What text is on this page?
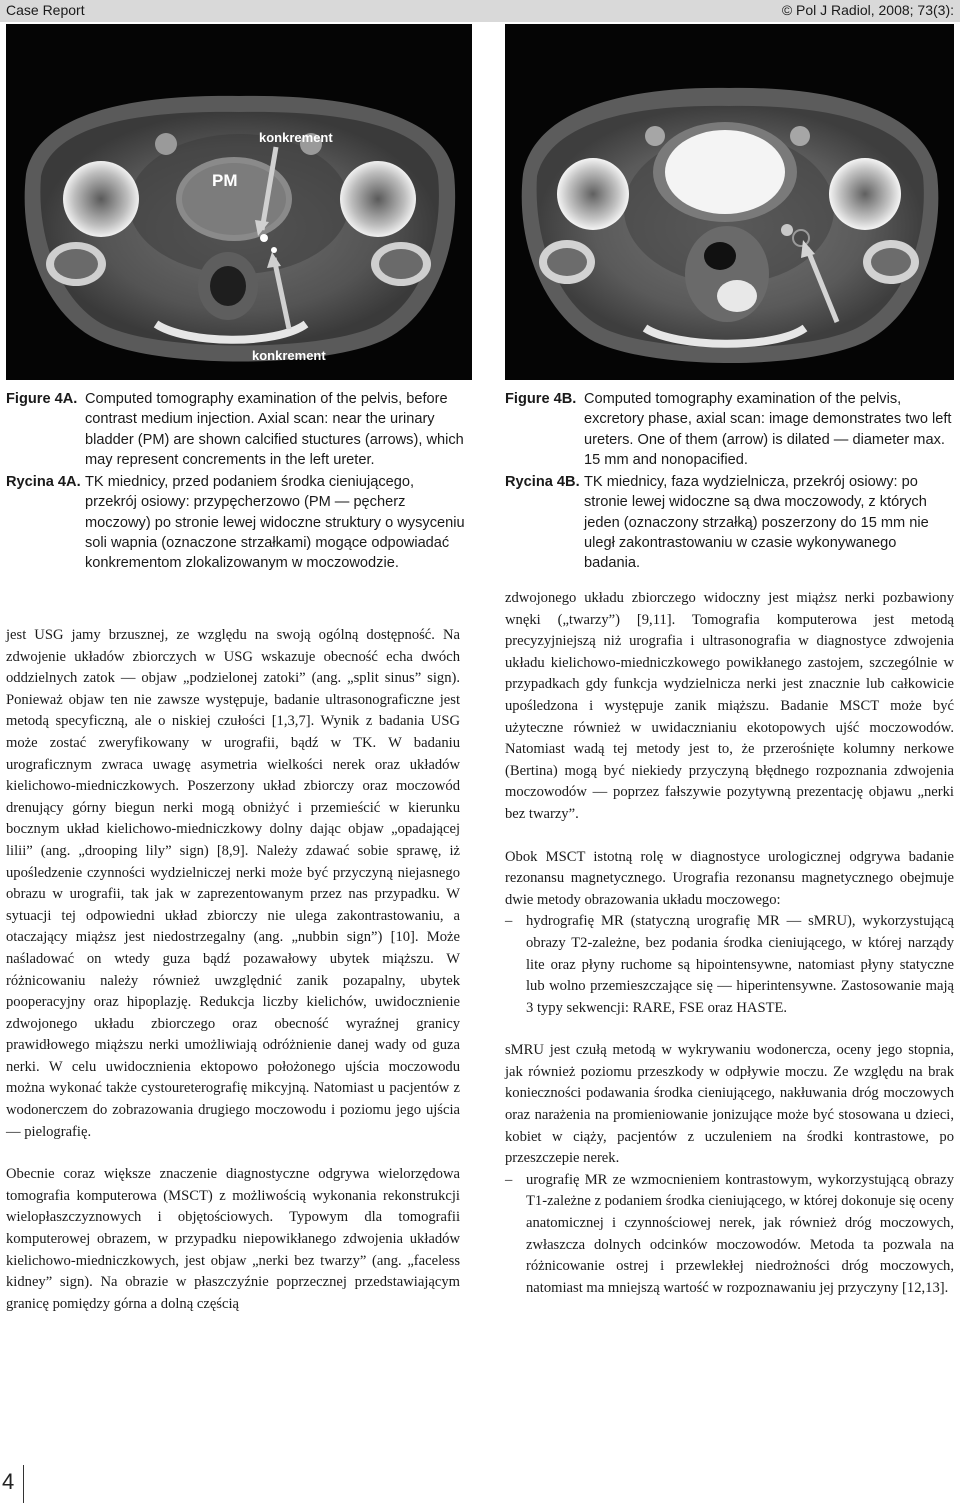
Case Report	© Pol J Radiol, 2008; 73(3):
konkrement
PM
konkrement
Figure 4A. Computed tomography examination of the pelvis, before contrast medium injection. Axial scan: near the urinary bladder (PM) are shown calcified stuctures (arrows), which may represent concrements in the left ureter.
Rycina 4A. TK miednicy, przed podaniem środka cieniującego, przekrój osiowy: przypęcherzowo (PM — pęcherz moczowy) po stronie lewej widoczne struktury o wysyceniu soli wapnia (oznaczone strzałkami) mogące odpowiadać konkrementom zlokalizowanym w moczowodzie.
Figure 4B. Computed tomography examination of the pelvis, excretory phase, axial scan: image demonstrates two left ureters. One of them (arrow) is dilated — diameter max. 15 mm and nonopacified.
Rycina 4B. TK miednicy, faza wydzielnicza, przekrój osiowy: po stronie lewej widoczne są dwa moczowody, z których jeden (oznaczony strzałką) poszerzony do 15 mm nie uległ zakontrastowaniu w czasie wykonywanego badania.

jest USG jamy brzusznej, ze względu na swoją ogólną dostępność. Na zdwojenie układów zbiorczych w USG wskazuje obecność echa dwóch oddzielnych zatok — objaw „podzielonej zatoki” (ang. „split sinus” sign). Ponieważ objaw ten nie zawsze występuje, badanie ultrasonograficzne jest metodą specyficzną, ale o niskiej czułości [1,3,7]. Wynik z badania USG może zostać zweryfikowany w urografii, bądź w TK. W badaniu urograficznym zwraca uwagę asymetria wielkości nerek oraz układów kielichowo-miedniczkowych. Poszerzony układ zbiorczy oraz moczowód drenujący górny biegun nerki mogą obniżyć i przemieścić w kierunku bocznym układ kielichowo-miedniczkowy dolny dając objaw „opadającej lilii” (ang. „drooping lily” sign) [8,9]. Należy zdawać sobie sprawę, iż upośledzenie czynności wydzielniczej nerki może być przyczyną niejasnego obrazu w urografii, tak jak w zaprezentowanym przez nas przypadku. W sytuacji tej odpowiedni układ zbiorczy nie ulega zakontrastowaniu, a otaczający miąższ jest niedostrzegalny (ang. „nubbin sign”) [10]. Może naśladować on wtedy guza bądź pozawałowy ubytek miąższu. W różnicowaniu należy również uwzględnić zanik pozapalny, ubytek pooperacyjny oraz hipoplazję. Redukcja liczby kielichów, uwidocznienie zdwojonego układu zbiorczego oraz obecność wyraźnej granicy prawidłowego miąższu nerki umożliwiają odróżnienie danej wady od guza nerki. W celu uwidocznienia ektopowo położonego ujścia moczowodu można wykonać także cystoureterografię mikcyjną. Natomiast u pacjentów z wodonerczem do zobrazowania drugiego moczowodu i poziomu jego ujścia — pielografię.

Obecnie coraz większe znaczenie diagnostyczne odgrywa wielorzędowa tomografia komputerowa (MSCT) z możliwością wykonania rekonstrukcji wielopłaszczyznowych i objętościowych. Typowym dla tomografii komputerowej obrazem, w przypadku niepowikłanego zdwojenia układów kielichowo-miedniczkowych, jest objaw „nerki bez twarzy” (ang. „faceless kidney” sign). Na obrazie w płaszczyźnie poprzecznej przedstawiającym granicę pomiędzy górna a dolną częścią

zdwojonego układu zbiorczego widoczny jest miąższ nerki pozbawiony wnęki („twarzy”) [9,11]. Tomografia komputerowa jest metodą precyzyjniejszą niż urografia i ultrasonografia w diagnostyce zdwojenia układu kielichowo-miedniczkowego powikłanego zastojem, szczególnie w przypadkach gdy funkcja wydzielnicza nerki jest znacznie lub całkowicie upośledzona i występuje zanik miąższu. Badanie MSCT może być użyteczne również w uwidacznianiu ekotopowych ujść moczowodów. Natomiast wadą tej metody jest to, że przerośnięte kolumny nerkowe (Bertina) mogą być niekiedy przyczyną błędnego rozpoznania zdwojenia moczowodów — poprzez fałszywie pozytywną prezentację objawu „nerki bez twarzy”.

Obok MSCT istotną rolę w diagnostyce urologicznej odgrywa badanie rezonansu magnetycznego. Urografia rezonansu magnetycznego obejmuje dwie metody obrazowania układu moczowego:

– hydrografię MR (statyczną urografię MR — sMRU), wykorzystującą obrazy T2-zależne, bez podania środka cieniującego, w której narządy lite oraz płyny ruchome są hipointensywne, natomiast płyny statyczne lub wolno przemieszczające się — hiperintensywne. Zastosowanie mają 3 typy sekwencji: RARE, FSE oraz HASTE.

sMRU jest czułą metodą w wykrywaniu wodonercza, oceny jego stopnia, jak również poziomu przeszkody w odpływie moczu. Ze względu na brak konieczności podawania środka cieniującego, nakłuwania dróg moczowych oraz narażenia na promieniowanie jonizujące może być stosowana u dzieci, kobiet w ciąży, pacjentów z uczuleniem na środki kontrastowe, po przeszczepie nerek.

– urografię MR ze wzmocnieniem kontrastowym, wykorzystującą obrazy T1-zależne z podaniem środka cieniującego, w której dokonuje się oceny anatomicznej i czynnościowej nerek, jak również dróg moczowych, zwłaszcza dolnych odcinków moczowodów. Metoda ta pozwala na różnicowanie ostrej i przewlekłej niedrożności dróg moczowych, natomiast ma mniejszą wartość w rozpoznawaniu jej przyczyny [12,13].
4
